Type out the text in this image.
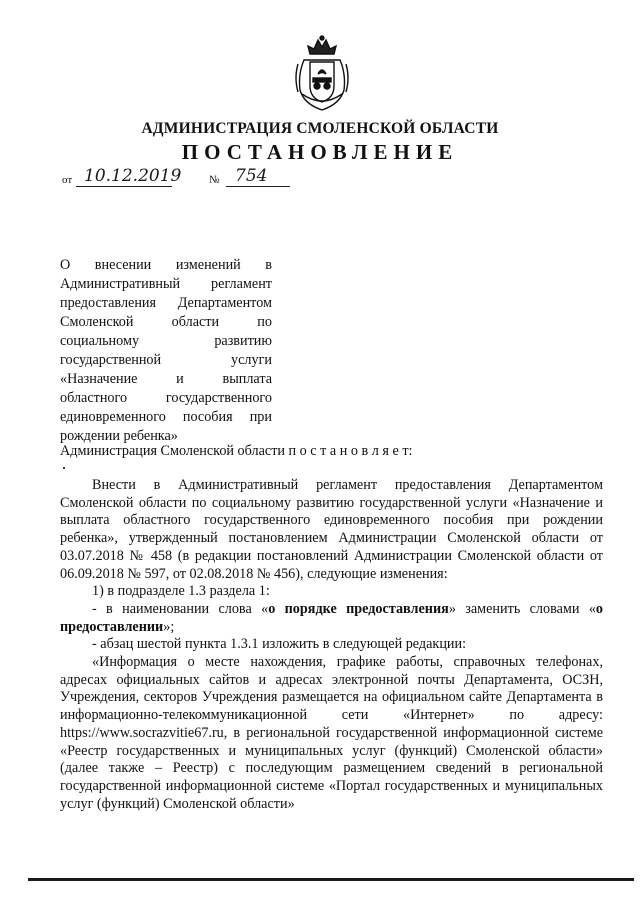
АДМИНИСТРАЦИЯ СМОЛЕНСКОЙ ОБЛАСТИ
ПОСТАНОВЛЕНИЕ
от 10.12.2019	№ 754
О внесении изменений в Административный регламент предоставления Департаментом Смоленской области по социальному развитию государственной услуги «Назначение и выплата областного государственного единовременного пособия при рождении ребенка»
Администрация Смоленской области п о с т а н о в л я е т:

Внести в Административный регламент предоставления Департаментом Смоленской области по социальному развитию государственной услуги «Назначение и выплата областного государственного единовременного пособия при рождении ребенка», утвержденный постановлением Администрации Смоленской области от 03.07.2018 № 458 (в редакции постановлений Администрации Смоленской области от 06.09.2018 № 597, от 02.08.2018 № 456), следующие изменения:

1) в подразделе 1.3 раздела 1:

- в наименовании слова «о порядке предоставления» заменить словами «о предоставлении»;

- абзац шестой пункта 1.3.1 изложить в следующей редакции:

«Информация о месте нахождения, графике работы, справочных телефонах, адресах официальных сайтов и адресах электронной почты Департамента, ОСЗН, Учреждения, секторов Учреждения размещается на официальном сайте Департамента в информационно-телекоммуникационной сети «Интернет» по адресу: https://www.socrazvitie67.ru, в региональной государственной информационной системе «Реестр государственных и муниципальных услуг (функций) Смоленской области» (далее также – Реестр) с последующим размещением сведений в региональной государственной информационной системе «Портал государственных и муниципальных услуг (функций) Смоленской области»
